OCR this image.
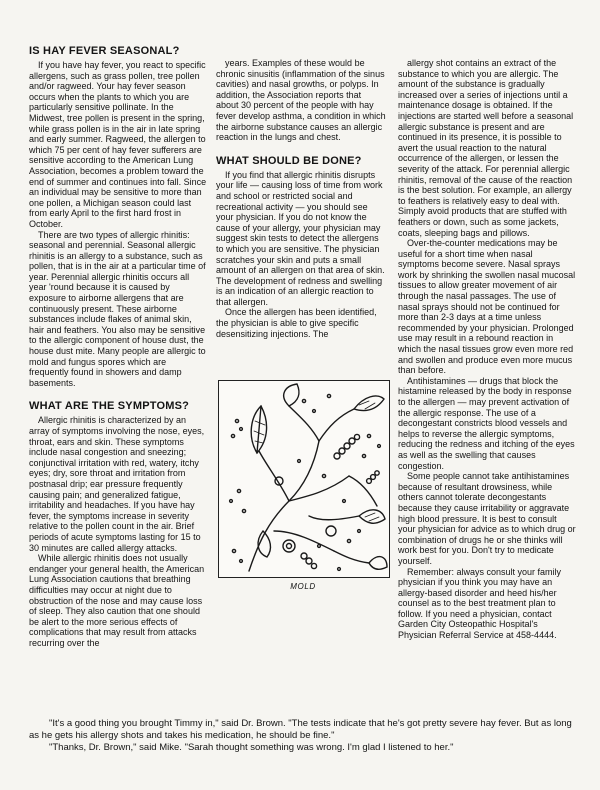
IS HAY FEVER SEASONAL?

If you have hay fever, you react to specific allergens, such as grass pollen, tree pollen and/or ragweed. Your hay fever season occurs when the plants to which you are particularly sensitive pollinate. In the Midwest, tree pollen is present in the spring, while grass pollen is in the air in late spring and early summer. Ragweed, the allergen to which 75 per cent of hay fever sufferers are sensitive according to the American Lung Association, becomes a problem toward the end of summer and continues into fall. Since an individual may be sensitive to more than one pollen, a Michigan season could last from early April to the first hard frost in October.

There are two types of allergic rhinitis: seasonal and perennial. Seasonal allergic rhinitis is an allergy to a substance, such as pollen, that is in the air at a particular time of year. Perennial allergic rhinitis occurs all year 'round because it is caused by exposure to airborne allergens that are continuously present. These airborne substances include flakes of animal skin, hair and feathers. You also may be sensitive to the allergic component of house dust, the house dust mite. Many people are allergic to mold and fungus spores which are frequently found in showers and damp basements.

WHAT ARE THE SYMPTOMS?

Allergic rhinitis is characterized by an array of symptoms involving the nose, eyes, throat, ears and skin. These symptoms include nasal congestion and sneezing; conjunctival irritation with red, watery, itchy eyes; dry, sore throat and irritation from postnasal drip; ear pressure frequently causing pain; and generalized fatigue, irritability and headaches. If you have hay fever, the symptoms increase in severity relative to the pollen count in the air. Brief periods of acute symptoms lasting for 15 to 30 minutes are called allergy attacks.

While allergic rhinitis does not usually endanger your general health, the American Lung Association cautions that breathing difficulties may occur at night due to obstruction of the nose and may cause loss of sleep. They also caution that one should be alert to the more serious effects of complications that may result from attacks recurring over the

years. Examples of these would be chronic sinusitis (inflammation of the sinus cavities) and nasal growths, or polyps. In addition, the Association reports that about 30 percent of the people with hay fever develop asthma, a condition in which the airborne substance causes an allergic reaction in the lungs and chest.

WHAT SHOULD BE DONE?

If you find that allergic rhinitis disrupts your life — causing loss of time from work and school or restricted social and recreational activity — you should see your physician. If you do not know the cause of your allergy, your physician may suggest skin tests to detect the allergens to which you are sensitive. The physician scratches your skin and puts a small amount of an allergen on that area of skin. The development of redness and swelling is an indication of an allergic reaction to that allergen.

Once the allergen has been identified, the physician is able to give specific desensitizing injections. The

MOLD

allergy shot contains an extract of the substance to which you are allergic. The amount of the substance is gradually increased over a series of injections until a maintenance dosage is obtained. If the injections are started well before a seasonal allergic substance is present and are continued in its presence, it is possible to avert the usual reaction to the natural occurrence of the allergen, or lessen the severity of the attack. For perennial allergic rhinitis, removal of the cause of the reaction is the best solution. For example, an allergy to feathers is relatively easy to deal with. Simply avoid products that are stuffed with feathers or down, such as some jackets, coats, sleeping bags and pillows.

Over-the-counter medications may be useful for a short time when nasal symptoms become severe. Nasal sprays work by shrinking the swollen nasal mucosal tissues to allow greater movement of air through the nasal passages. The use of nasal sprays should not be continued for more than 2-3 days at a time unless recommended by your physician. Prolonged use may result in a rebound reaction in which the nasal tissues grow even more red and swollen and produce even more mucus than before.

Antihistamines — drugs that block the histamine released by the body in response to the allergen — may prevent activation of the allergic response. The use of a decongestant constricts blood vessels and helps to reverse the allergic symptoms, reducing the redness and itching of the eyes as well as the swelling that causes congestion.

Some people cannot take antihistamines because of resultant drowsiness, while others cannot tolerate decongestants because they cause irritability or aggravate high blood pressure. It is best to consult your physician for advice as to which drug or combination of drugs he or she thinks will work best for you. Don't try to medicate yourself.

Remember: always consult your family physician if you think you may have an allergy-based disorder and heed his/her counsel as to the best treatment plan to follow. If you need a physician, contact Garden City Osteopathic Hospital's Physician Referral Service at 458-4444.

"It's a good thing you brought Timmy in," said Dr. Brown. "The tests indicate that he's got pretty severe hay fever. But as long as he gets his allergy shots and takes his medication, he should be fine."

"Thanks, Dr. Brown," said Mike. "Sarah thought something was wrong. I'm glad I listened to her."
